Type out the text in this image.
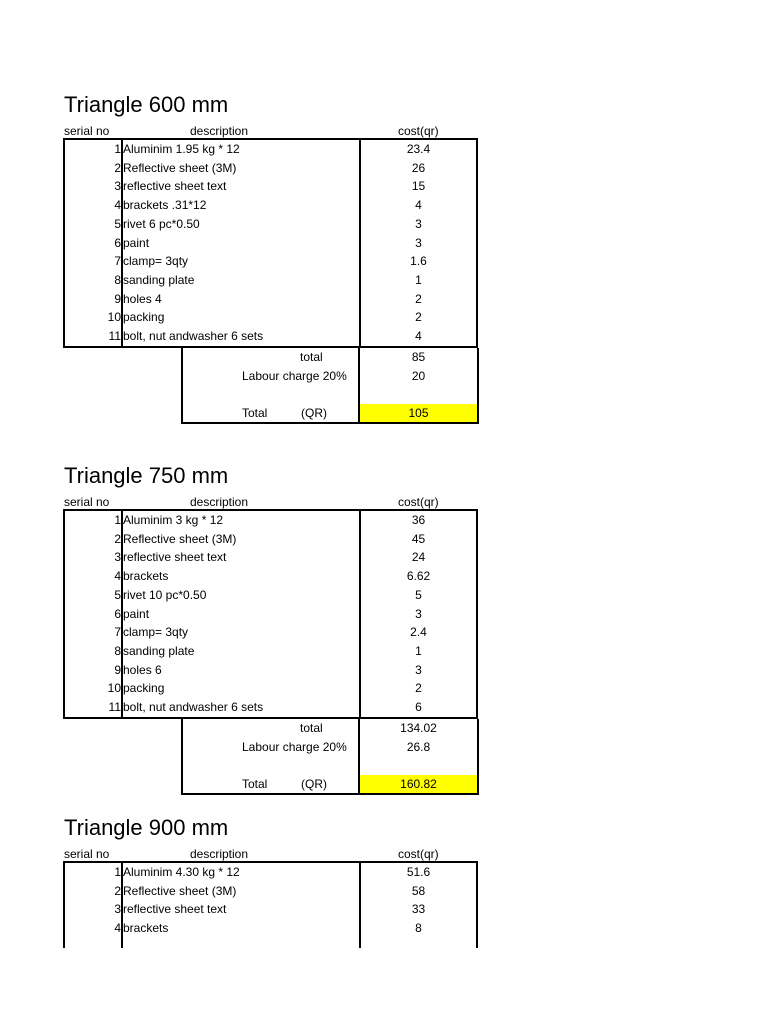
Triangle 600 mm
serial no	description	cost(qr)
1 Aluminim 1.95 kg * 12	23.4
2 Reflective sheet (3M)	26
3 reflective sheet text	15
4 brackets .31*12	4
5 rivet 6 pc*0.50	3
6 paint	3
7 clamp= 3qty	1.6
8 sanding plate	1
9 holes 4	2
10 packing	2
11 bolt, nut andwasher 6 sets	4
total	85
Labour charge 20%	20
Total	(QR)	105
Triangle 750 mm
serial no	description	cost(qr)
1 Aluminim 3 kg * 12	36
2 Reflective sheet (3M)	45
3 reflective sheet text	24
4 brackets	6.62
5 rivet 10 pc*0.50	5
6 paint	3
7 clamp= 3qty	2.4
8 sanding plate	1
9 holes 6	3
10 packing	2
11 bolt, nut andwasher 6 sets	6
total	134.02
Labour charge 20%	26.8
Total	(QR)	160.82
Triangle 900 mm
serial no	description	cost(qr)
1 Aluminim 4.30 kg * 12	51.6
2 Reflective sheet (3M)	58
3 reflective sheet text	33
4 brackets	8
